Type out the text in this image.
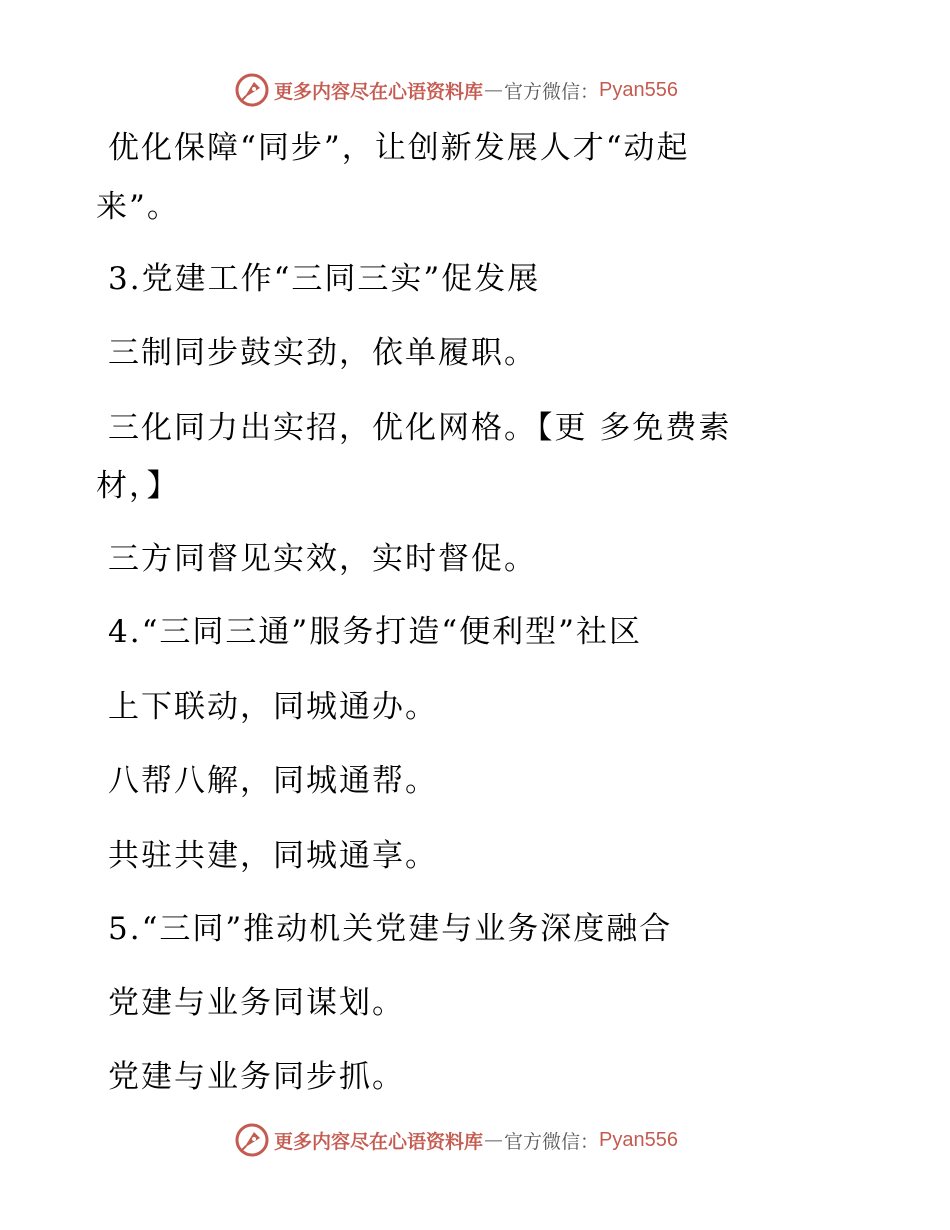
更多内容尽在心语资料库 — 官方微信： Pyan556
优化保障“同步”，让创新发展人才“动起
来”。
3.党建工作“三同三实”促发展
三制同步鼓实劲，依单履职。
三化同力出实招，优化网格。【更 多免费素
材，】
三方同督见实效，实时督促。
4.“三同三通”服务打造“便利型”社区
上下联动，同城通办。
八帮八解，同城通帮。
共驻共建，同城通享。
5.“三同”推动机关党建与业务深度融合
党建与业务同谋划。
党建与业务同步抓。
更多内容尽在心语资料库 — 官方微信： Pyan556
